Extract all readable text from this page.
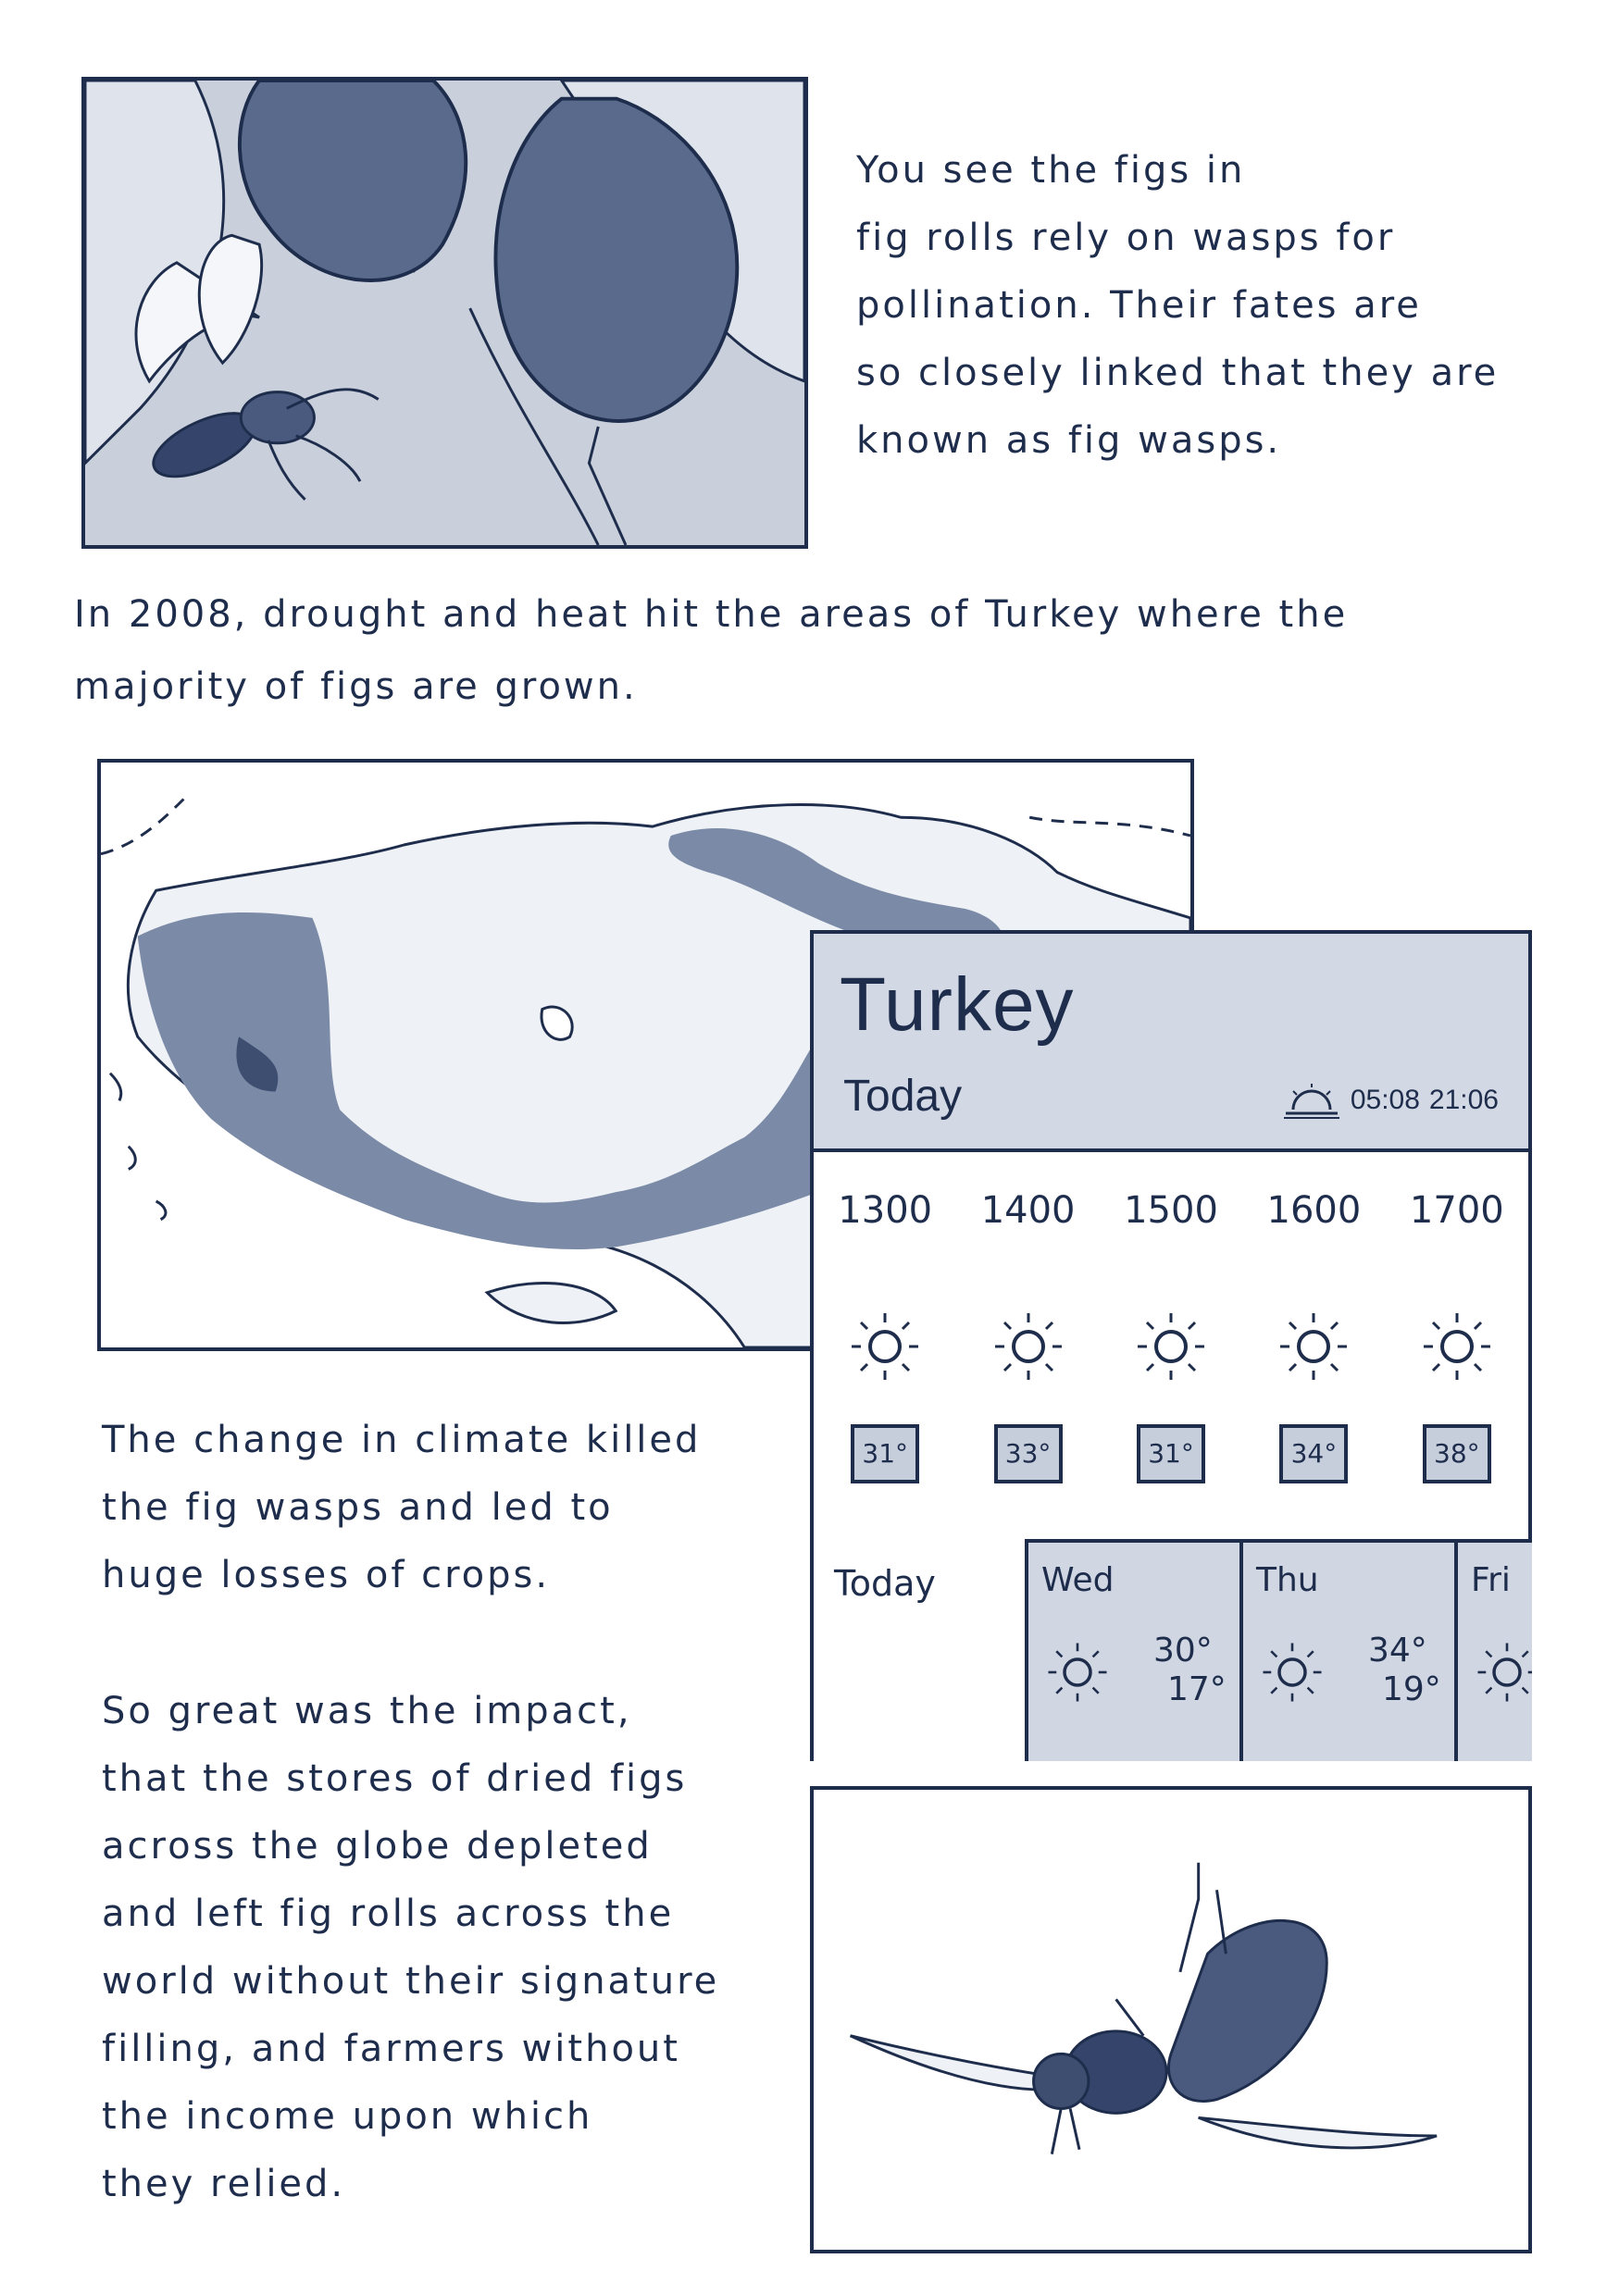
You see the figs in

fig rolls rely on wasps for

pollination. Their fates are

so closely linked that they are

known as fig wasps.

In 2008, drought and heat hit the areas of Turkey where the

majority of figs are grown.

Turkey
Today	05:08 21:06
1300
31°
1400
33°
1500
31°
1600
34°
1700
38°
Today	Wed
30°
17°
Thu
34°
19°
Fri

The change in climate killed

the fig wasps and led to

huge losses of crops.

So great was the impact,

that the stores of dried figs

across the globe depleted

and left fig rolls across the

world without their signature

filling, and farmers without

the income upon which

they relied.
